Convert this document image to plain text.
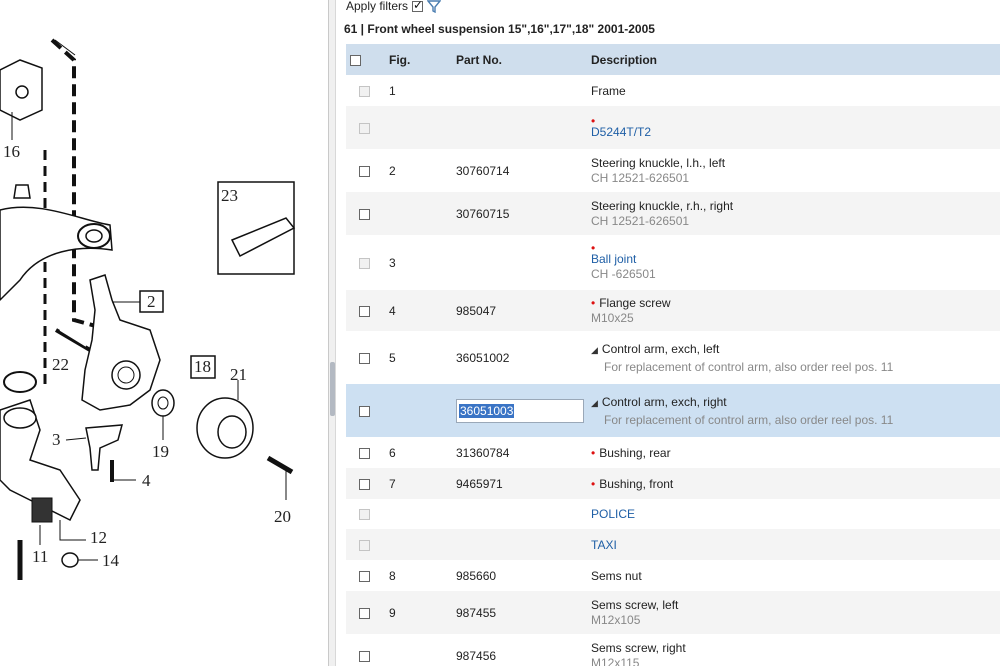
16
23
2
22	18 21
3
19
4
20
12
11	14
Apply filters
✓
61 | Front wheel suspension 15",16",17",18" 2001-2005
	Fig.	Part No.	Description
	1		Frame

			•
D5244T/T2
	2	30760714	Steering knuckle, l.h., left
CH 12521-626501

		30760715	Steering knuckle, r.h., right
CH 12521-626501

	3		•
Ball joint
CH -626501

	4	985047	• Flange screw
M10x25

	5	36051002	◢ Control arm, exch, left
For replacement of control arm, also order reel pos. 11

		36051003	◢ Control arm, exch, right
For replacement of control arm, also order reel pos. 11

	6	31360784	• Bushing, rear
	7	9465971	• Bushing, front
			POLICE
			TAXI
	8	985660	Sems nut
	9	987455	Sems screw, left
M12x105

		987456	Sems screw, right
M12x115
